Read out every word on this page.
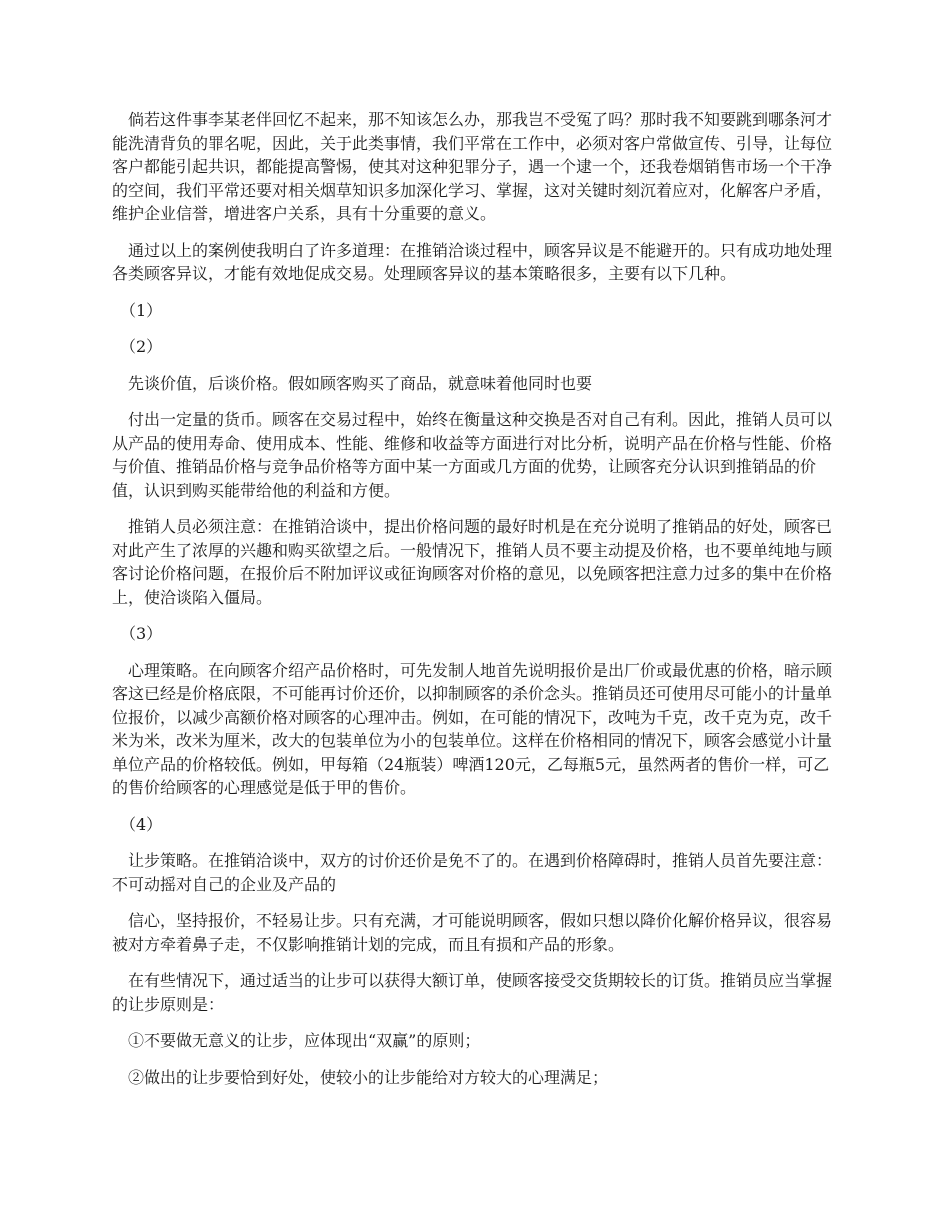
　倘若这件事李某老伴回忆不起来，那不知该怎么办，那我岂不受冤了吗？那时我不知要跳到哪条河才能洗清背负的罪名呢，因此，关于此类事情，我们平常在工作中，必须对客户常做宣传、引导，让每位客户都能引起共识，都能提高警惕，使其对这种犯罪分子，遇一个逮一个，还我卷烟销售市场一个干净的空间，我们平常还要对相关烟草知识多加深化学习、掌握，这对关键时刻沉着应对，化解客户矛盾，维护企业信誉，增进客户关系，具有十分重要的意义。

　通过以上的案例使我明白了许多道理：在推销洽谈过程中，顾客异议是不能避开的。只有成功地处理各类顾客异议，才能有效地促成交易。处理顾客异议的基本策略很多，主要有以下几种。

　（1）

　（2）

　先谈价值，后谈价格。假如顾客购买了商品，就意味着他同时也要

　付出一定量的货币。顾客在交易过程中，始终在衡量这种交换是否对自己有利。因此，推销人员可以从产品的使用寿命、使用成本、性能、维修和收益等方面进行对比分析，说明产品在价格与性能、价格与价值、推销品价格与竞争品价格等方面中某一方面或几方面的优势，让顾客充分认识到推销品的价值，认识到购买能带给他的利益和方便。

　推销人员必须注意：在推销洽谈中，提出价格问题的最好时机是在充分说明了推销品的好处，顾客已对此产生了浓厚的兴趣和购买欲望之后。一般情况下，推销人员不要主动提及价格，也不要单纯地与顾客讨论价格问题，在报价后不附加评议或征询顾客对价格的意见，以免顾客把注意力过多的集中在价格上，使洽谈陷入僵局。

　（3）

　心理策略。在向顾客介绍产品价格时，可先发制人地首先说明报价是出厂价或最优惠的价格，暗示顾客这已经是价格底限，不可能再讨价还价，以抑制顾客的杀价念头。推销员还可使用尽可能小的计量单位报价，以减少高额价格对顾客的心理冲击。例如，在可能的情况下，改吨为千克，改千克为克，改千米为米，改米为厘米，改大的包装单位为小的包装单位。这样在价格相同的情况下，顾客会感觉小计量单位产品的价格较低。例如，甲每箱（24瓶装）啤酒120元，乙每瓶5元，虽然两者的售价一样，可乙的售价给顾客的心理感觉是低于甲的售价。

　（4）

　让步策略。在推销洽谈中，双方的讨价还价是免不了的。在遇到价格障碍时，推销人员首先要注意：不可动摇对自己的企业及产品的

　信心，坚持报价，不轻易让步。只有充满，才可能说明顾客，假如只想以降价化解价格异议，很容易被对方牵着鼻子走，不仅影响推销计划的完成，而且有损和产品的形象。

　在有些情况下，通过适当的让步可以获得大额订单，使顾客接受交货期较长的订货。推销员应当掌握的让步原则是：

　①不要做无意义的让步，应体现出“双赢”的原则；

　②做出的让步要恰到好处，使较小的让步能给对方较大的心理满足；
